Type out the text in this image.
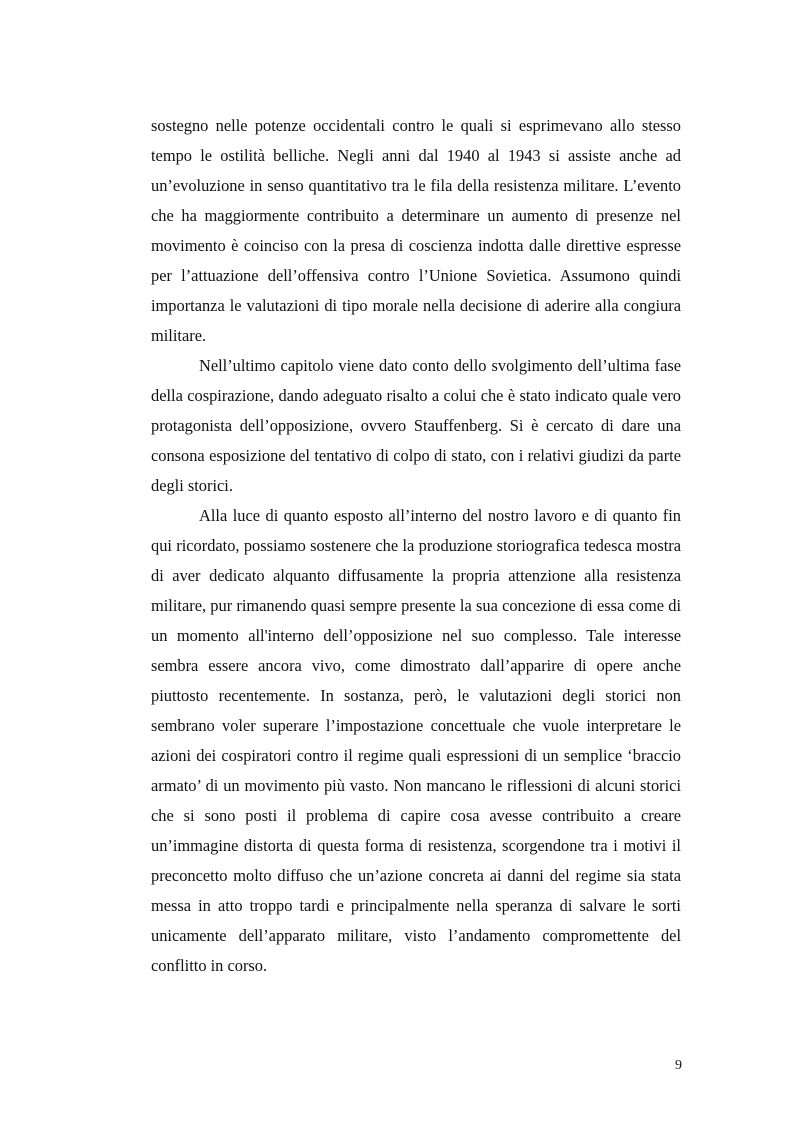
sostegno nelle potenze occidentali contro le quali si esprimevano allo stesso tempo le ostilità belliche. Negli anni dal 1940 al 1943 si assiste anche ad un’evoluzione in senso quantitativo tra le fila della resistenza militare. L’evento che ha maggiormente contribuito a determinare un aumento di presenze nel movimento è coinciso con la presa di coscienza indotta dalle direttive espresse per l’attuazione dell’offensiva contro l’Unione Sovietica. Assumono quindi importanza le valutazioni di tipo morale nella decisione di aderire alla congiura militare.

Nell’ultimo capitolo viene dato conto dello svolgimento dell’ultima fase della cospirazione, dando adeguato risalto a colui che è stato indicato quale vero protagonista dell’opposizione, ovvero Stauffenberg. Si è cercato di dare una consona esposizione del tentativo di colpo di stato, con i relativi giudizi da parte degli storici.

Alla luce di quanto esposto all’interno del nostro lavoro e di quanto fin qui ricordato, possiamo sostenere che la produzione storiografica tedesca mostra di aver dedicato alquanto diffusamente la propria attenzione alla resistenza militare, pur rimanendo quasi sempre presente la sua concezione di essa come di un momento all'interno dell’opposizione nel suo complesso. Tale interesse sembra essere ancora vivo, come dimostrato dall’apparire di opere anche piuttosto recentemente. In sostanza, però, le valutazioni degli storici non sembrano voler superare l’impostazione concettuale che vuole interpretare le azioni dei cospiratori contro il regime quali espressioni di un semplice ‘braccio armato’ di un movimento più vasto. Non mancano le riflessioni di alcuni storici che si sono posti il problema di capire cosa avesse contribuito a creare un’immagine distorta di questa forma di resistenza, scorgendone tra i motivi il preconcetto molto diffuso che un’azione concreta ai danni del regime sia stata messa in atto troppo tardi e principalmente nella speranza di salvare le sorti unicamente dell’apparato militare, visto l’andamento compromettente del conflitto in corso.

9
